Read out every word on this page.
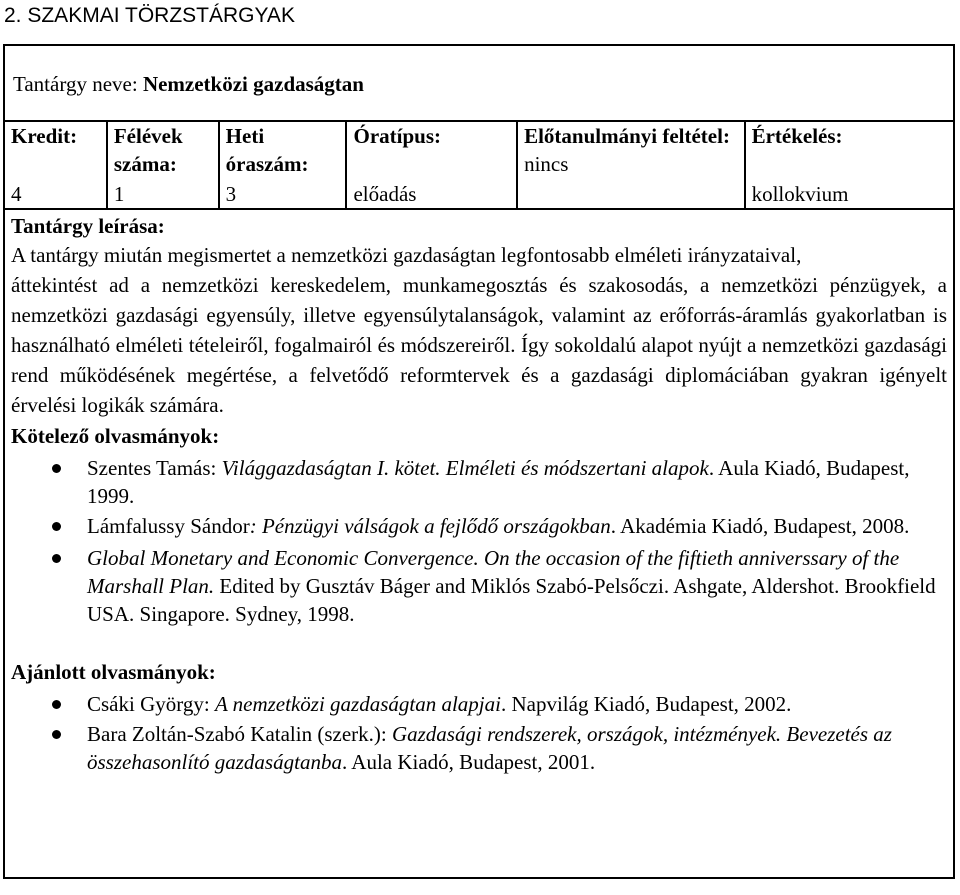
2. SZAKMAI TÖRZSTÁRGYAK
Tantárgy neve: Nemzetközi gazdaságtan
Kredit:
4

Félévek száma:
1

Heti óraszám:
3

Óratípus:
előadás
	Előtanulmányi feltétel: nincs	
Értékelés:
kollokvium

Tantárgy leírása:
A tantárgy miután megismertet a nemzetközi gazdaságtan legfontosabb elméleti irányzataival,
áttekintést ad a nemzetközi kereskedelem, munkamegosztás és szakosodás, a nemzetközi pénzügyek, a nemzetközi gazdasági egyensúly, illetve egyensúlytalanságok, valamint az erőforrás-áramlás gyakorlatban is használható elméleti tételeiről, fogalmairól és módszereiről. Így sokoldalú alapot nyújt a nemzetközi gazdasági rend működésének megértése, a felvetődő reformtervek és a gazdasági diplomáciában gyakran igényelt érvelési logikák számára.
Kötelező olvasmányok:
Szentes Tamás: Világgazdaságtan I. kötet. Elméleti és módszertani alapok. Aula Kiadó, Budapest, 1999.
Lámfalussy Sándor: Pénzügyi válságok a fejlődő országokban. Akadémia Kiadó, Budapest, 2008.
Global Monetary and Economic Convergence. On the occasion of the fiftieth anniverssary of the Marshall Plan. Edited by Gusztáv Báger and Miklós Szabó-Pelsőczi. Ashgate, Aldershot. Brookfield USA. Singapore. Sydney, 1998.
Ajánlott olvasmányok:
Csáki György: A nemzetközi gazdaságtan alapjai. Napvilág Kiadó, Budapest, 2002.
Bara Zoltán-Szabó Katalin (szerk.): Gazdasági rendszerek, országok, intézmények. Bevezetés az összehasonlító gazdaságtanba. Aula Kiadó, Budapest, 2001.
